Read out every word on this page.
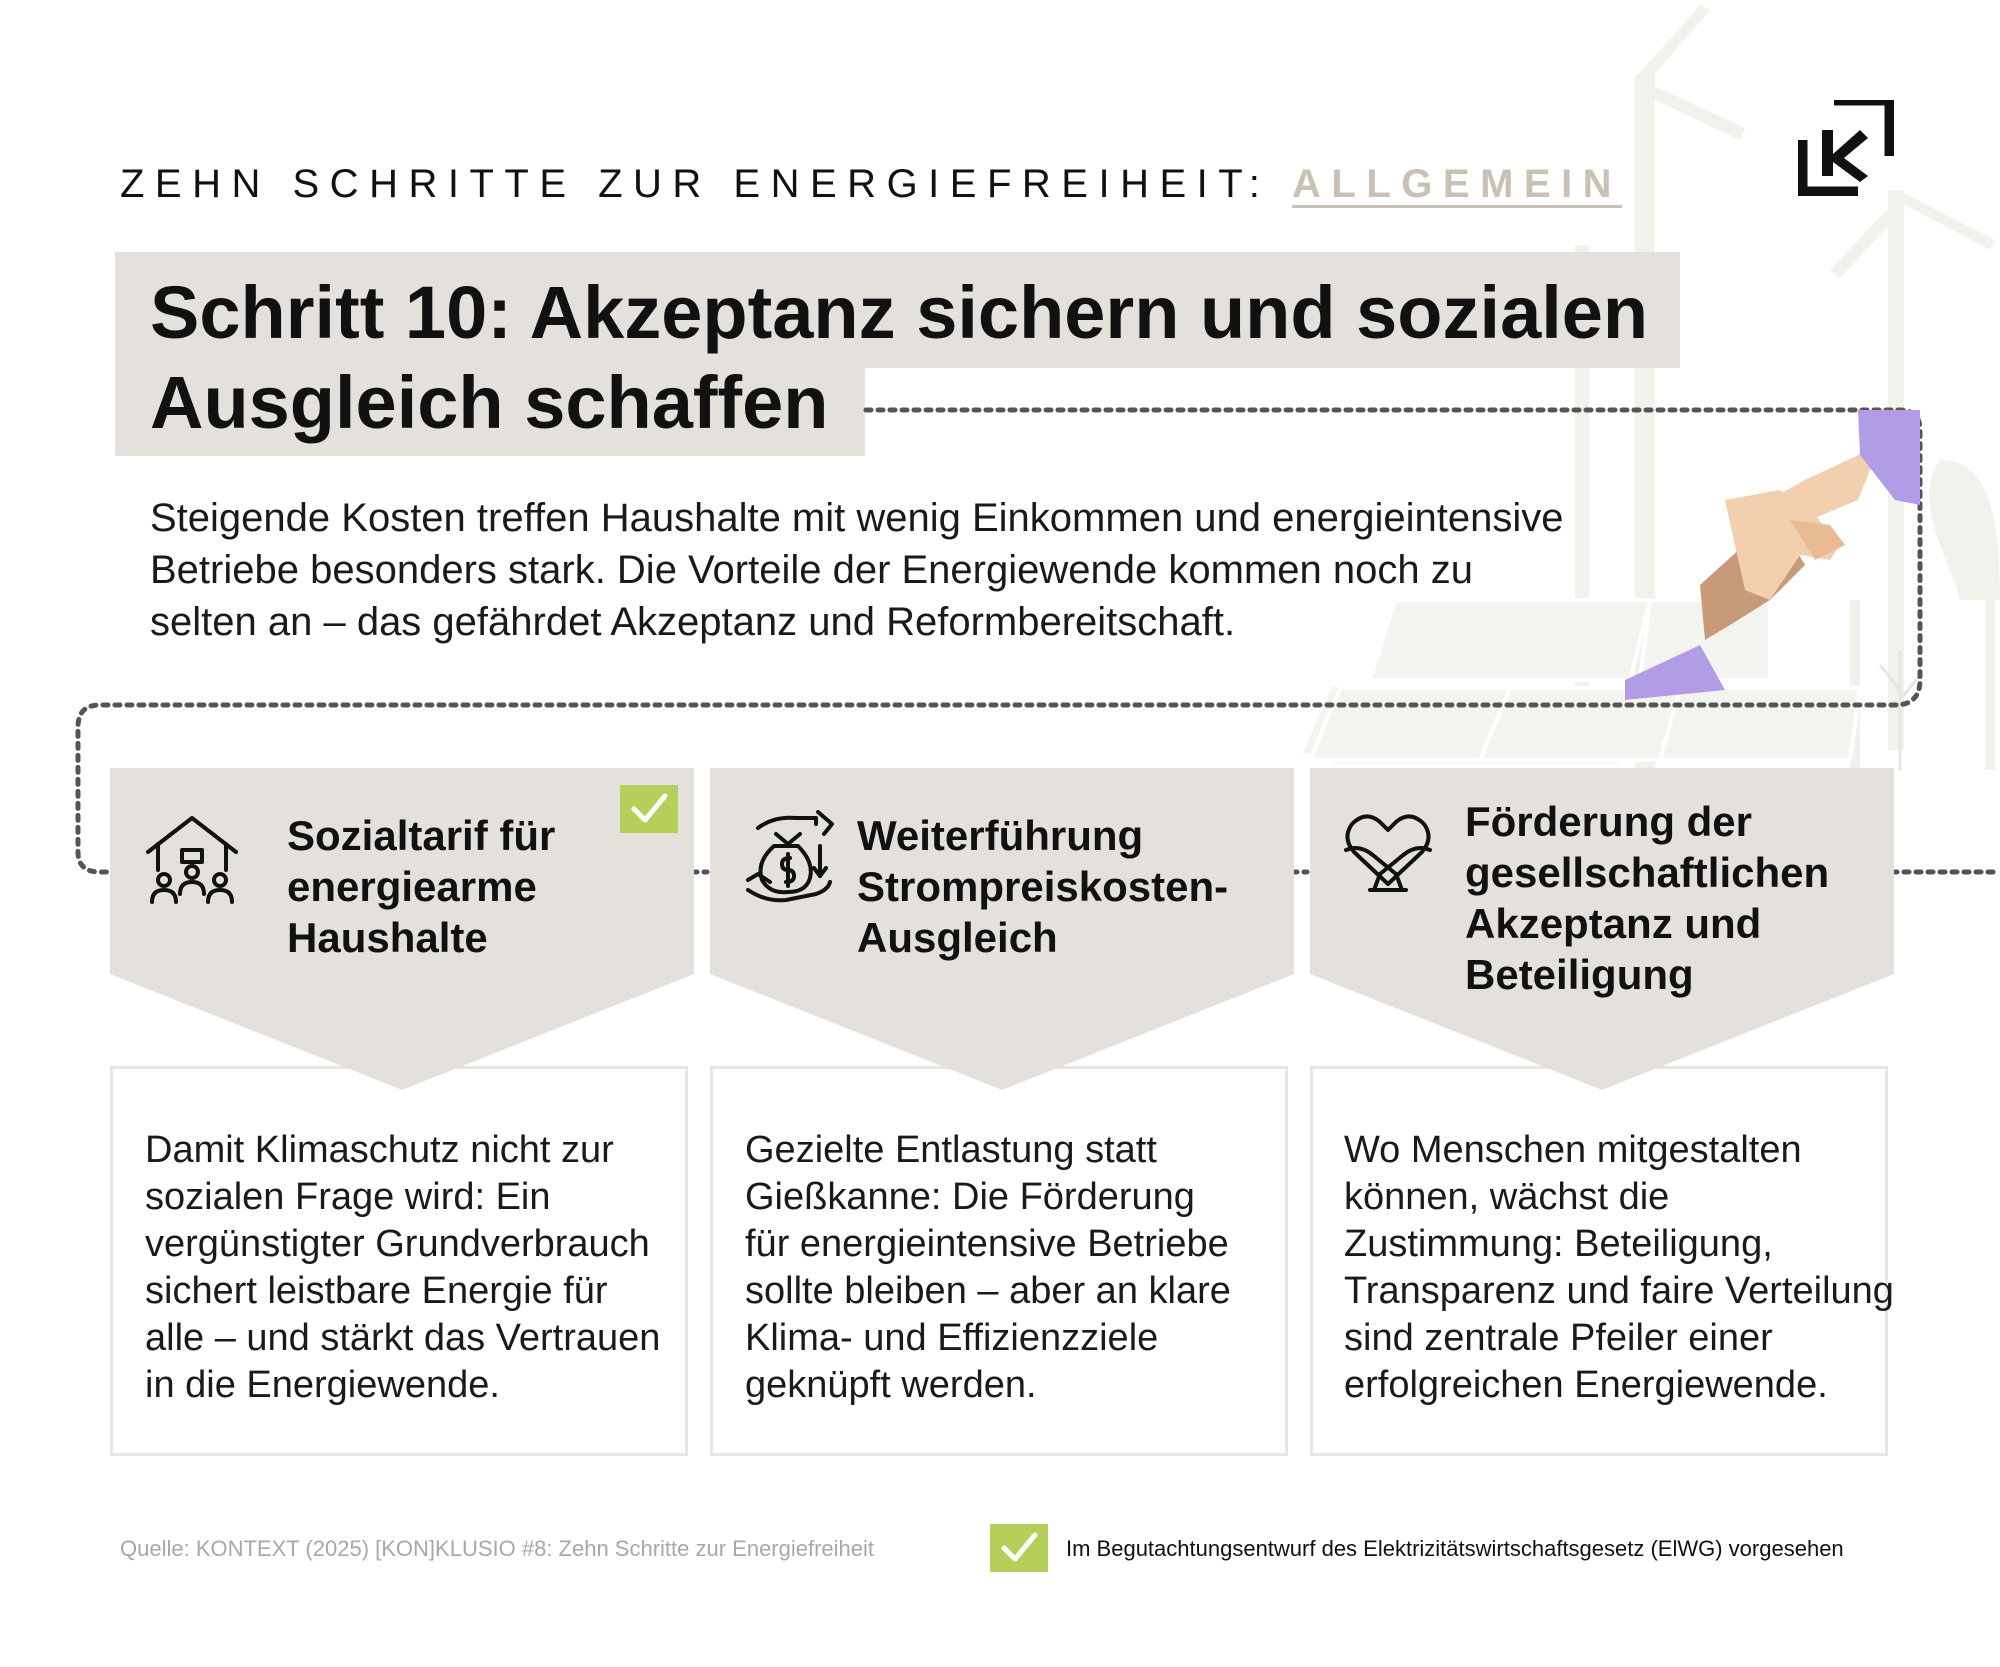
ZEHN SCHRITTE ZUR ENERGIEFREIHEIT: ALLGEMEIN
Schritt 10: Akzeptanz sichern und sozialen
Ausgleich schaffen

Steigende Kosten treffen Haushalte mit wenig Einkommen und energieintensive
Betriebe besonders stark. Die Vorteile der Energiewende kommen noch zu
selten an – das gefährdet Akzeptanz und Reformbereitschaft.

Sozialtarif für
energiearme
Haushalte

Damit Klimaschutz nicht zur
sozialen Frage wird: Ein
vergünstigter Grundverbrauch
sichert leistbare Energie für
alle – und stärkt das Vertrauen
in die Energiewende.

Weiterführung
Strompreiskosten-
Ausgleich

Gezielte Entlastung statt
Gießkanne: Die Förderung
für energieintensive Betriebe
sollte bleiben – aber an klare
Klima- und Effizienzziele
geknüpft werden.

Förderung der
gesellschaftlichen
Akzeptanz und
Beteiligung

Wo Menschen mitgestalten
können, wächst die
Zustimmung: Beteiligung,
Transparenz und faire Verteilung
sind zentrale Pfeiler einer
erfolgreichen Energiewende.

Quelle: KONTEXT (2025) [KON]KLUSIO #8: Zehn Schritte zur Energiefreiheit	Im Begutachtungsentwurf des Elektrizitätswirtschaftsgesetz (ElWG) vorgesehen
